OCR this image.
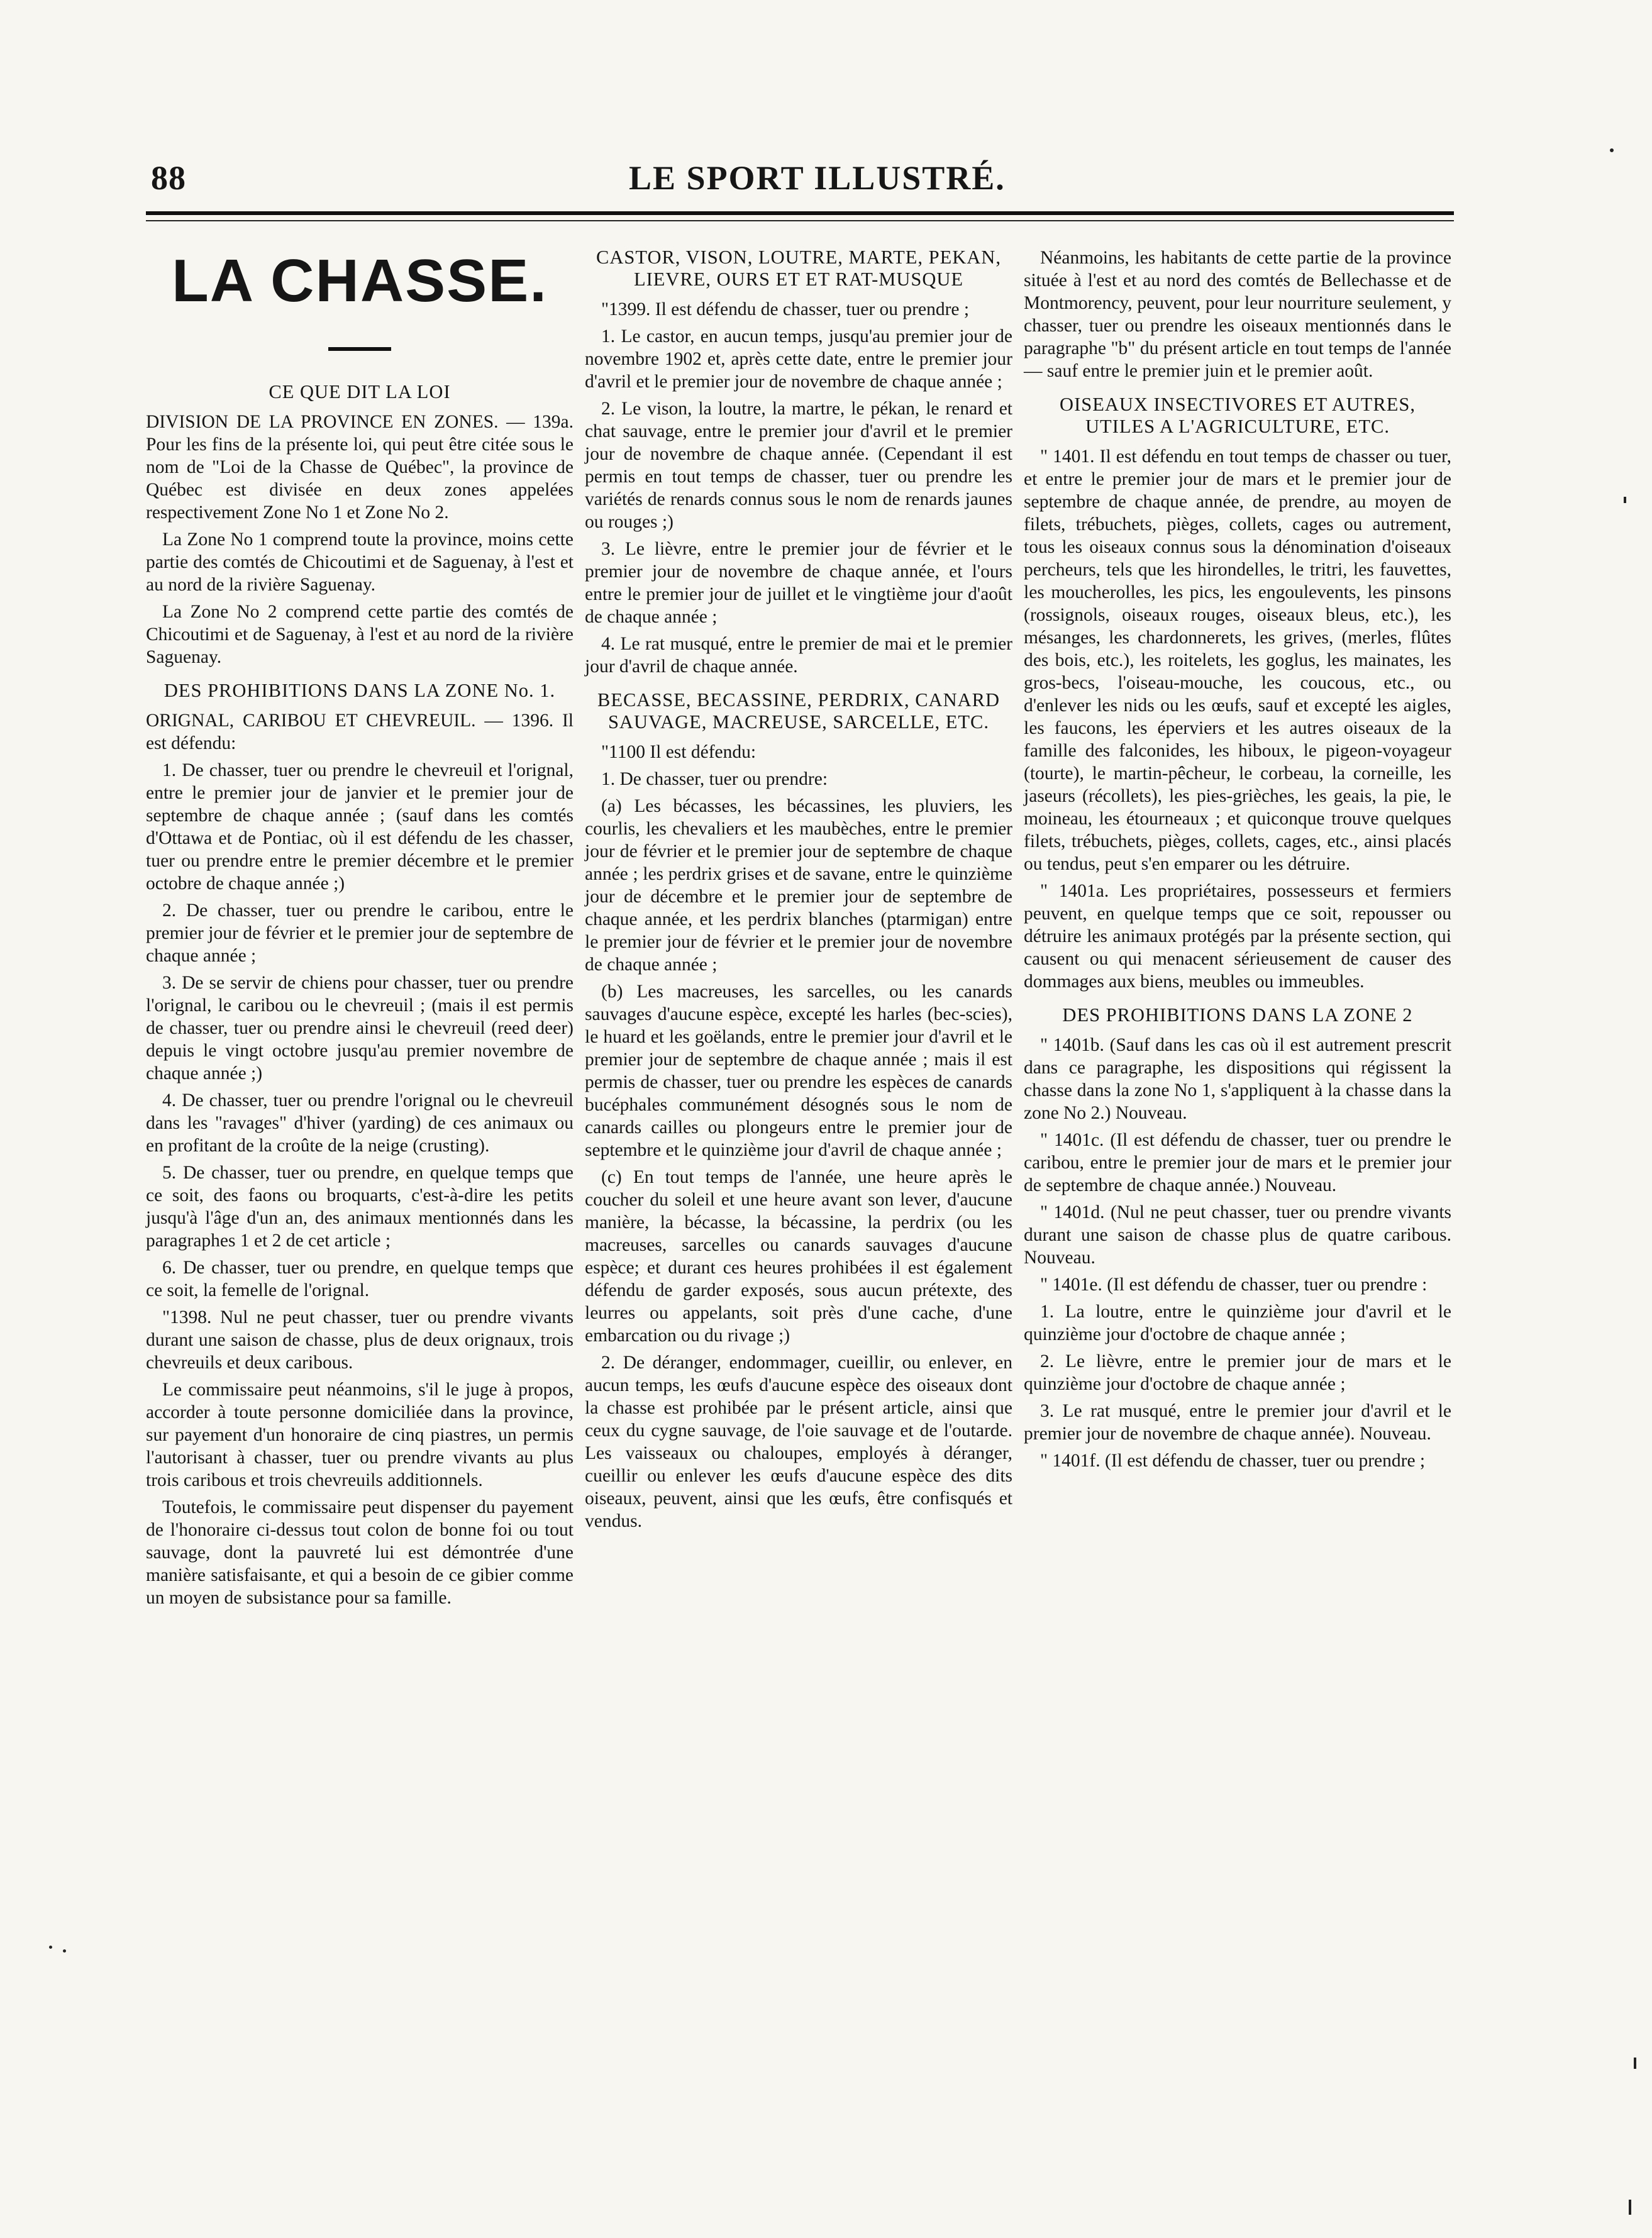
88	LE SPORT ILLUSTRÉ.
LA CHASSE.
CE QUE DIT LA LOI

DIVISION DE LA PROVINCE EN ZONES. — 139a. Pour les fins de la présente loi, qui peut être citée sous le nom de "Loi de la Chasse de Québec", la province de Québec est divisée en deux zones appelées respectivement Zone No 1 et Zone No 2.

La Zone No 1 comprend toute la province, moins cette partie des comtés de Chicoutimi et de Saguenay, à l'est et au nord de la rivière Saguenay.

La Zone No 2 comprend cette partie des comtés de Chicoutimi et de Saguenay, à l'est et au nord de la rivière Saguenay.

DES PROHIBITIONS DANS LA ZONE No. 1.

ORIGNAL, CARIBOU ET CHEVREUIL. — 1396. Il est défendu:

1. De chasser, tuer ou prendre le chevreuil et l'orignal, entre le premier jour de janvier et le premier jour de septembre de chaque année ; (sauf dans les comtés d'Ottawa et de Pontiac, où il est défendu de les chasser, tuer ou prendre entre le premier décembre et le premier octobre de chaque année ;)

2. De chasser, tuer ou prendre le caribou, entre le premier jour de février et le premier jour de septembre de chaque année ;

3. De se servir de chiens pour chasser, tuer ou prendre l'orignal, le caribou ou le chevreuil ; (mais il est permis de chasser, tuer ou prendre ainsi le chevreuil (reed deer) depuis le vingt octobre jusqu'au premier novembre de chaque année ;)

4. De chasser, tuer ou prendre l'orignal ou le chevreuil dans les "ravages" d'hiver (yarding) de ces animaux ou en profitant de la croûte de la neige (crusting).

5. De chasser, tuer ou prendre, en quelque temps que ce soit, des faons ou broquarts, c'est-à-dire les petits jusqu'à l'âge d'un an, des animaux mentionnés dans les paragraphes 1 et 2 de cet article ;

6. De chasser, tuer ou prendre, en quelque temps que ce soit, la femelle de l'orignal.

"1398. Nul ne peut chasser, tuer ou prendre vivants durant une saison de chasse, plus de deux orignaux, trois chevreuils et deux caribous.

Le commissaire peut néanmoins, s'il le juge à propos, accorder à toute personne domiciliée dans la province, sur payement d'un honoraire de cinq piastres, un permis l'autorisant à chasser, tuer ou prendre vivants au plus trois caribous et trois chevreuils additionnels.

Toutefois, le commissaire peut dispenser du payement de l'honoraire ci-dessus tout colon de bonne foi ou tout sauvage, dont la pauvreté lui est démontrée d'une manière satisfaisante, et qui a besoin de ce gibier comme un moyen de subsistance pour sa famille.

CASTOR, VISON, LOUTRE, MARTE, PEKAN, LIEVRE, OURS ET ET RAT-MUSQUE

"1399. Il est défendu de chasser, tuer ou prendre ;

1. Le castor, en aucun temps, jusqu'au premier jour de novembre 1902 et, après cette date, entre le premier jour d'avril et le premier jour de novembre de chaque année ;

2. Le vison, la loutre, la martre, le pékan, le renard et chat sauvage, entre le premier jour d'avril et le premier jour de novembre de chaque année. (Cependant il est permis en tout temps de chasser, tuer ou prendre les variétés de renards connus sous le nom de renards jaunes ou rouges ;)

3. Le lièvre, entre le premier jour de février et le premier jour de novembre de chaque année, et l'ours entre le premier jour de juillet et le vingtième jour d'août de chaque année ;

4. Le rat musqué, entre le premier de mai et le premier jour d'avril de chaque année.

BECASSE, BECASSINE, PERDRIX, CANARD SAUVAGE, MACREUSE, SARCELLE, ETC.

"1100 Il est défendu:

1. De chasser, tuer ou prendre:

(a) Les bécasses, les bécassines, les pluviers, les courlis, les chevaliers et les maubèches, entre le premier jour de février et le premier jour de septembre de chaque année ; les perdrix grises et de savane, entre le quinzième jour de décembre et le premier jour de septembre de chaque année, et les perdrix blanches (ptarmigan) entre le premier jour de février et le premier jour de novembre de chaque année ;

(b) Les macreuses, les sarcelles, ou les canards sauvages d'aucune espèce, excepté les harles (bec-scies), le huard et les goëlands, entre le premier jour d'avril et le premier jour de septembre de chaque année ; mais il est permis de chasser, tuer ou prendre les espèces de canards bucéphales communément désognés sous le nom de canards cailles ou plongeurs entre le premier jour de septembre et le quinzième jour d'avril de chaque année ;

(c) En tout temps de l'année, une heure après le coucher du soleil et une heure avant son lever, d'aucune manière, la bécasse, la bécassine, la perdrix (ou les macreuses, sarcelles ou canards sauvages d'aucune espèce; et durant ces heures prohibées il est également défendu de garder exposés, sous aucun prétexte, des leurres ou appelants, soit près d'une cache, d'une embarcation ou du rivage ;)

2. De déranger, endommager, cueillir, ou enlever, en aucun temps, les œufs d'aucune espèce des oiseaux dont la chasse est prohibée par le présent article, ainsi que ceux du cygne sauvage, de l'oie sauvage et de l'outarde. Les vaisseaux ou chaloupes, employés à déranger, cueillir ou enlever les œufs d'aucune espèce des dits oiseaux, peuvent, ainsi que les œufs, être confisqués et vendus.

Néanmoins, les habitants de cette partie de la province située à l'est et au nord des comtés de Bellechasse et de Montmorency, peuvent, pour leur nourriture seulement, y chasser, tuer ou prendre les oiseaux mentionnés dans le paragraphe "b" du présent article en tout temps de l'année — sauf entre le premier juin et le premier août.

OISEAUX INSECTIVORES ET AUTRES, UTILES A L'AGRICULTURE, ETC.

" 1401. Il est défendu en tout temps de chasser ou tuer, et entre le premier jour de mars et le premier jour de septembre de chaque année, de prendre, au moyen de filets, trébuchets, pièges, collets, cages ou autrement, tous les oiseaux connus sous la dénomination d'oiseaux percheurs, tels que les hirondelles, le tritri, les fauvettes, les moucherolles, les pics, les engoulevents, les pinsons (rossignols, oiseaux rouges, oiseaux bleus, etc.), les mésanges, les chardonnerets, les grives, (merles, flûtes des bois, etc.), les roitelets, les goglus, les mainates, les gros-becs, l'oiseau-mouche, les coucous, etc., ou d'enlever les nids ou les œufs, sauf et excepté les aigles, les faucons, les éperviers et les autres oiseaux de la famille des falconides, les hiboux, le pigeon-voyageur (tourte), le martin-pêcheur, le corbeau, la corneille, les jaseurs (récollets), les pies-grièches, les geais, la pie, le moineau, les étourneaux ; et quiconque trouve quelques filets, trébuchets, pièges, collets, cages, etc., ainsi placés ou tendus, peut s'en emparer ou les détruire.

" 1401a. Les propriétaires, possesseurs et fermiers peuvent, en quelque temps que ce soit, repousser ou détruire les animaux protégés par la présente section, qui causent ou qui menacent sérieusement de causer des dommages aux biens, meubles ou immeubles.

DES PROHIBITIONS DANS LA ZONE 2

" 1401b. (Sauf dans les cas où il est autrement prescrit dans ce paragraphe, les dispositions qui régissent la chasse dans la zone No 1, s'appliquent à la chasse dans la zone No 2.) Nouveau.

" 1401c. (Il est défendu de chasser, tuer ou prendre le caribou, entre le premier jour de mars et le premier jour de septembre de chaque année.) Nouveau.

" 1401d. (Nul ne peut chasser, tuer ou prendre vivants durant une saison de chasse plus de quatre caribous. Nouveau.

" 1401e. (Il est défendu de chasser, tuer ou prendre :

1. La loutre, entre le quinzième jour d'avril et le quinzième jour d'octobre de chaque année ;

2. Le lièvre, entre le premier jour de mars et le quinzième jour d'octobre de chaque année ;

3. Le rat musqué, entre le premier jour d'avril et le premier jour de novembre de chaque année). Nouveau.

" 1401f. (Il est défendu de chasser, tuer ou prendre ;
